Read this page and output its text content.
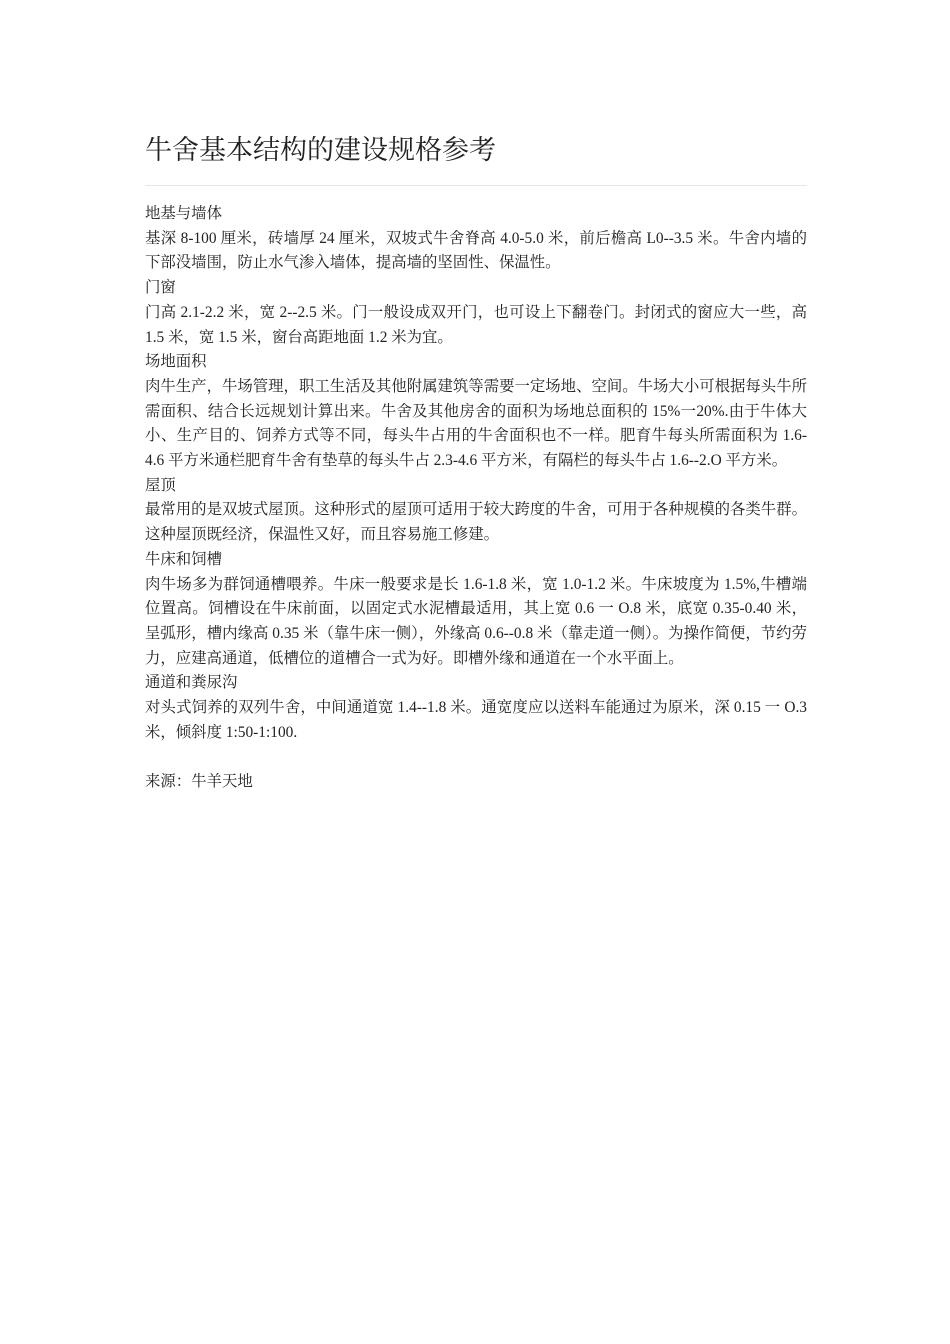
牛舍基本结构的建设规格参考

地基与墙体

基深 8-100 厘米，砖墙厚 24 厘米，双坡式牛舍脊高 4.0-5.0 米，前后檐高 L0--3.5 米。牛舍内墙的下部没墙围，防止水气渗入墙体，提高墙的坚固性、保温性。

门窗

门高 2.1-2.2 米，宽 2--2.5 米。门一般设成双开门，也可设上下翻卷门。封闭式的窗应大一些，高 1.5 米，宽 1.5 米，窗台高距地面 1.2 米为宜。

场地面积

肉牛生产，牛场管理，职工生活及其他附属建筑等需要一定场地、空间。牛场大小可根据每头牛所需面积、结合长远规划计算出来。牛舍及其他房舍的面积为场地总面积的 15%一20%.由于牛体大小、生产目的、饲养方式等不同，每头牛占用的牛舍面积也不一样。肥育牛每头所需面积为 1.6-4.6 平方米通栏肥育牛舍有垫草的每头牛占 2.3-4.6 平方米，有隔栏的每头牛占 1.6--2.O 平方米。

屋顶

最常用的是双坡式屋顶。这种形式的屋顶可适用于较大跨度的牛舍，可用于各种规模的各类牛群。这种屋顶既经济，保温性又好，而且容易施工修建。

牛床和饲槽

肉牛场多为群饲通槽喂养。牛床一般要求是长 1.6-1.8 米，宽 1.0-1.2 米。牛床坡度为 1.5%,牛槽端位置高。饲槽设在牛床前面，以固定式水泥槽最适用，其上宽 0.6 一 O.8 米，底宽 0.35-0.40 米，呈弧形，槽内缘高 0.35 米（靠牛床一侧），外缘高 0.6--0.8 米（靠走道一侧）。为操作简便，节约劳力，应建高通道，低槽位的道槽合一式为好。即槽外缘和通道在一个水平面上。

通道和粪尿沟

对头式饲养的双列牛舍，中间通道宽 1.4--1.8 米。通宽度应以送料车能通过为原米，深 0.15 一 O.3 米，倾斜度 1:50-1:100.

来源：牛羊天地
